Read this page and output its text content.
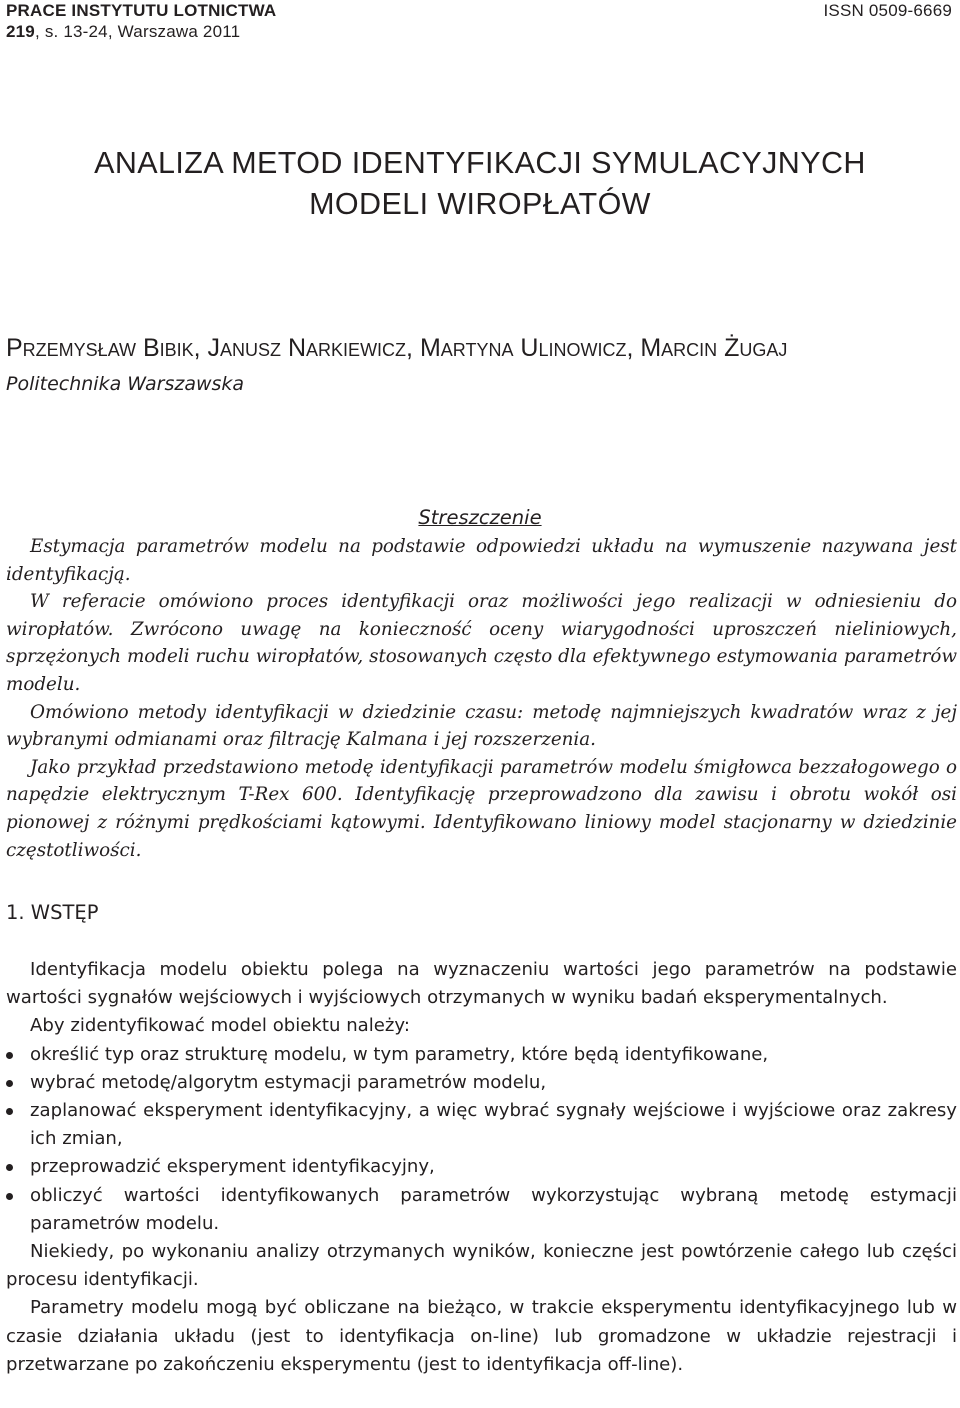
PRACE INSTYTUTU LOTNICTWA	ISSN 0509-6669
219, s. 13-24, Warszawa 2011
ANALIZA METOD IDENTYFIKACJI SYMULACYJNYCH
MODELI WIROPŁATÓW
Przemysław Bibik, Janusz Narkiewicz, Martyna Ulinowicz, Marcin Żugaj
Politechnika Warszawska
Streszczenie

Estymacja parametrów modelu na podstawie odpowiedzi układu na wymuszenie nazywana jest identyfikacją.

W referacie omówiono proces identyfikacji oraz możliwości jego realizacji w odniesieniu do wiropłatów. Zwrócono uwagę na konieczność oceny wiarygodności uproszczeń nieliniowych, sprzężonych modeli ruchu wiropłatów, stosowanych często dla efektywnego estymowania parametrów modelu.

Omówiono metody identyfikacji w dziedzinie czasu: metodę najmniejszych kwadratów wraz z jej wybranymi odmianami oraz filtrację Kalmana i jej rozszerzenia.

Jako przykład przedstawiono metodę identyfikacji parametrów modelu śmigłowca bezzałogowego o napędzie elektrycznym T-Rex 600. Identyfikację przeprowadzono dla zawisu i obrotu wokół osi pionowej z różnymi prędkościami kątowymi. Identyfikowano liniowy model stacjonarny w dziedzinie częstotliwości.

1. WSTĘP

Identyfikacja modelu obiektu polega na wyznaczeniu wartości jego parametrów na podstawie wartości sygnałów wejściowych i wyjściowych otrzymanych w wyniku badań eksperymentalnych.

Aby zidentyfikować model obiektu należy:

określić typ oraz strukturę modelu, w tym parametry, które będą identyfikowane,
wybrać metodę/algorytm estymacji parametrów modelu,
zaplanować eksperyment identyfikacyjny, a więc wybrać sygnały wejściowe i wyjściowe oraz zakresy ich zmian,
przeprowadzić eksperyment identyfikacyjny,
obliczyć wartości identyfikowanych parametrów wykorzystując wybraną metodę estymacji parametrów modelu.

Niekiedy, po wykonaniu analizy otrzymanych wyników, konieczne jest powtórzenie całego lub części procesu identyfikacji.

Parametry modelu mogą być obliczane na bieżąco, w trakcie eksperymentu identyfikacyjnego lub w czasie działania układu (jest to identyfikacja on-line) lub gromadzone w układzie rejestracji i przetwarzane po zakończeniu eksperymentu (jest to identyfikacja off-line).
